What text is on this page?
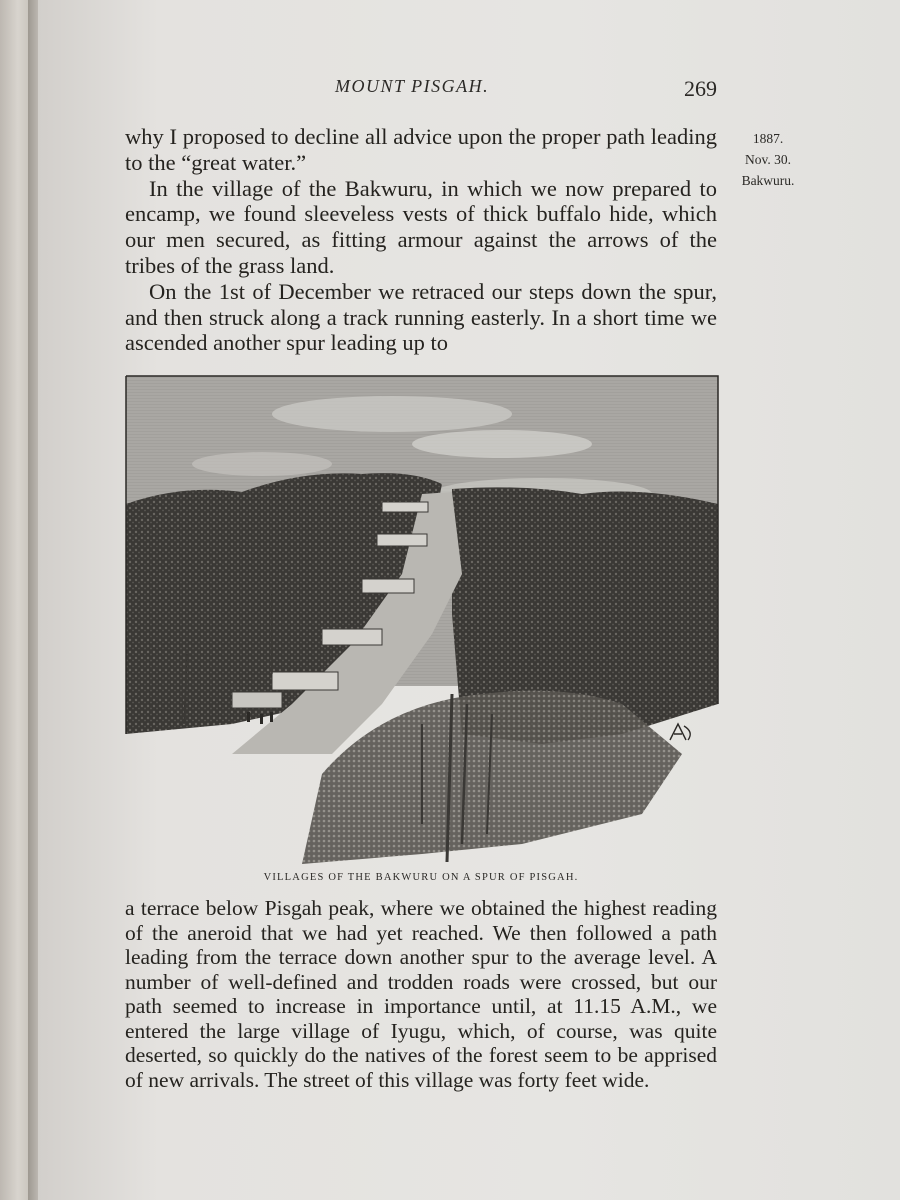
MOUNT PISGAH.	269
1887.
Nov. 30.
Bakwuru.

why I proposed to decline all advice upon the proper path leading to the “great water.”

In the village of the Bakwuru, in which we now prepared to encamp, we found sleeveless vests of thick buffalo hide, which our men secured, as fitting armour against the arrows of the tribes of the grass land.

On the 1st of December we retraced our steps down the spur, and then struck along a track running easterly. In a short time we ascended another spur leading up to

VILLAGES OF THE BAKWURU ON A SPUR OF PISGAH.

a terrace below Pisgah peak, where we obtained the highest reading of the aneroid that we had yet reached. We then followed a path leading from the terrace down another spur to the average level. A number of well-defined and trodden roads were crossed, but our path seemed to increase in importance until, at 11.15 A.M., we entered the large village of Iyugu, which, of course, was quite deserted, so quickly do the natives of the forest seem to be apprised of new arrivals. The street of this village was forty feet wide.
